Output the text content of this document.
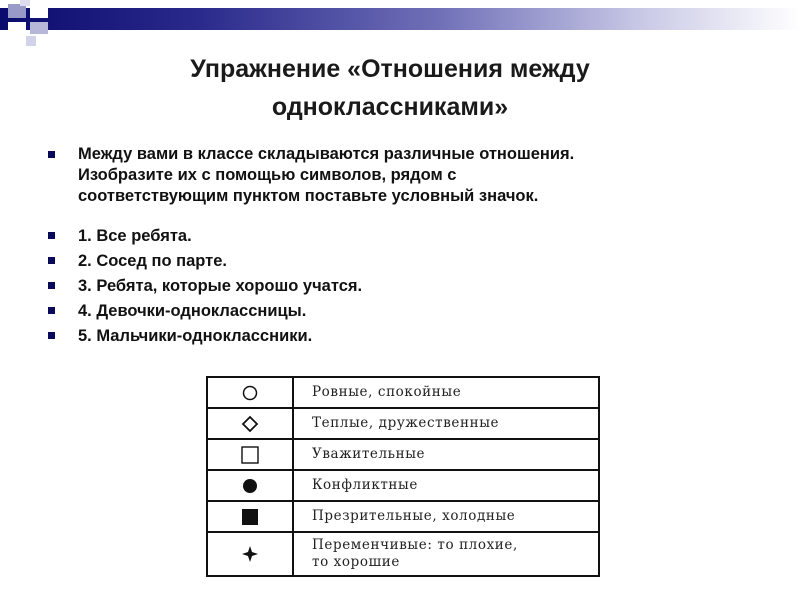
Упражнение «Отношения между
одноклассниками»
Между вами в классе складываются различные отношения.
Изобразите их с помощью символов, рядом с
соответствующим пунктом поставьте условный значок.
1. Все ребята.
2. Сосед по парте.
3. Ребята, которые хорошо учатся.
4. Девочки-одноклассницы.
5. Мальчики-одноклассники.

Ровные, спокойные

Теплые, дружественные

Уважительные

Конфликтные

Презрительные, холодные

Переменчивые: то плохие,
то хорошие
